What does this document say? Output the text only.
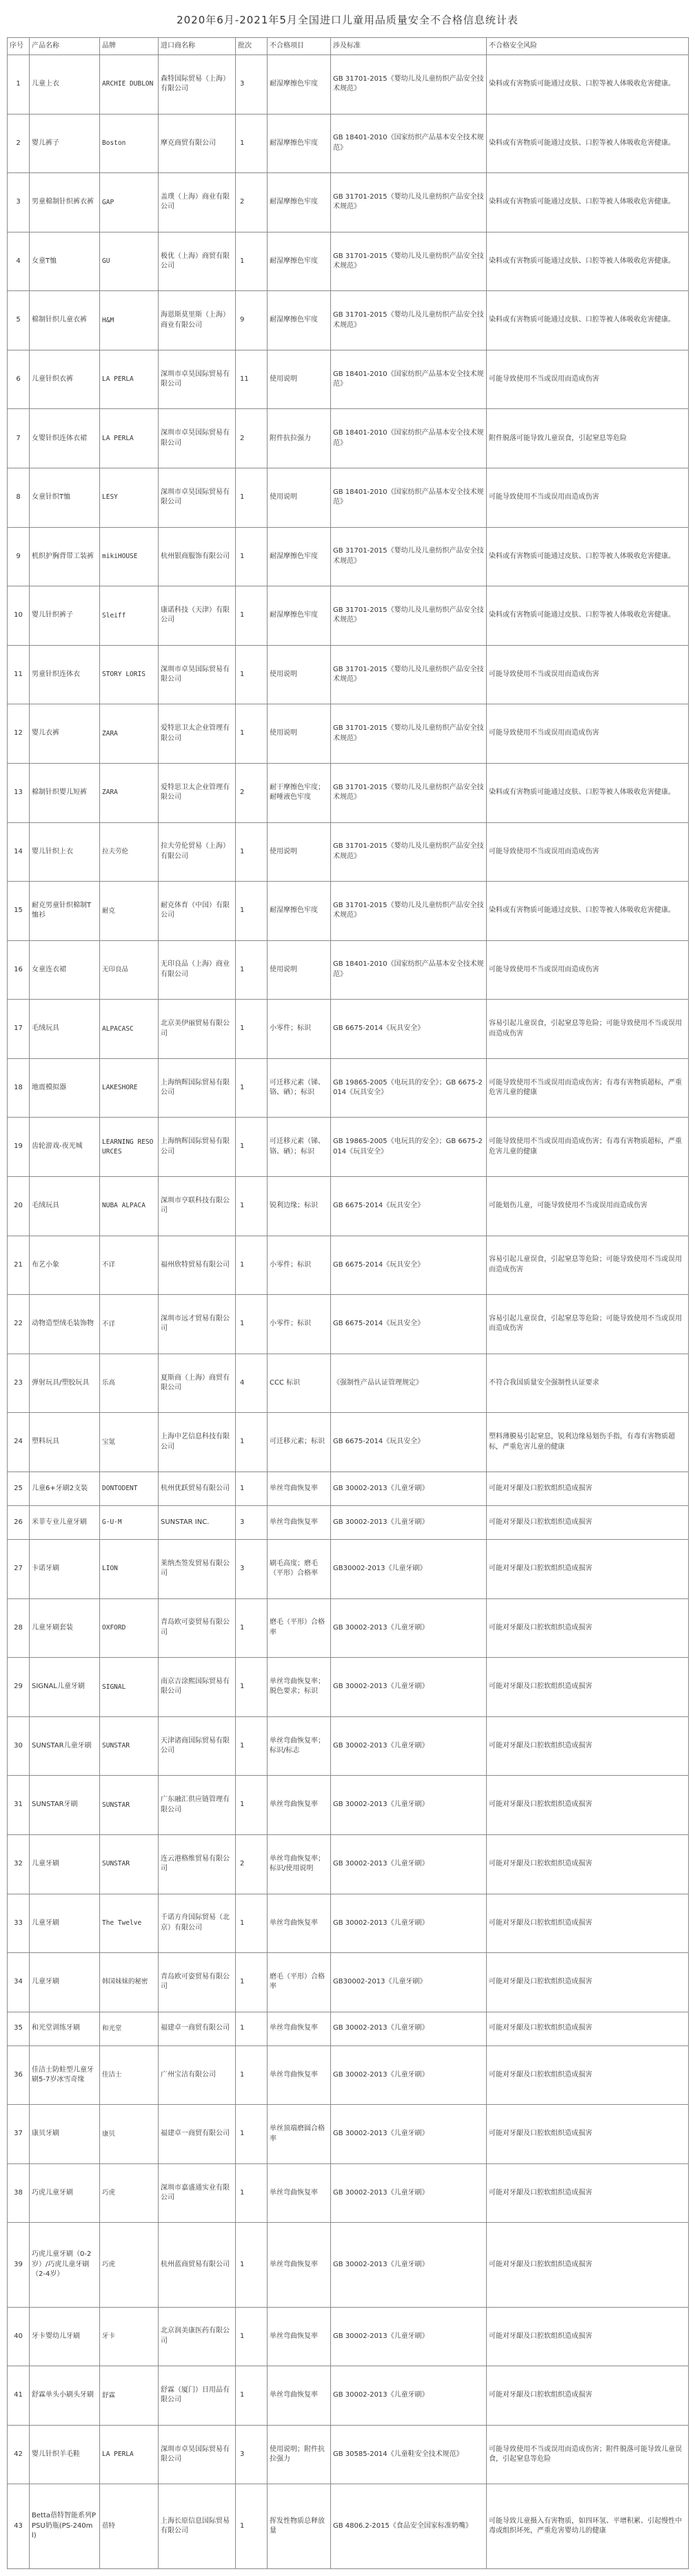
2020年6月-2021年5月全国进口儿童用品质量安全不合格信息统计表
序号	产品名称	品牌	进口商名称	批次	不合格项目	涉及标准	不合格安全风险
1	儿童上衣	ARCHIE DUBLON	森特国际贸易（上海）有限公司	3	耐湿摩擦色牢度	GB 31701-2015《婴幼儿及儿童纺织产品安全技术规范》	染料或有害物质可能通过皮肤、口腔等被人体吸收危害健康。
2	婴儿裤子	Boston	摩克商贸有限公司	1	耐湿摩擦色牢度	GB 18401-2010《国家纺织产品基本安全技术规范》	染料或有害物质可能通过皮肤、口腔等被人体吸收危害健康。
3	男童棉制针织裤衣裤	GAP	盖璞（上海）商业有限公司	2	耐湿摩擦色牢度	GB 31701-2015《婴幼儿及儿童纺织产品安全技术规范》	染料或有害物质可能通过皮肤、口腔等被人体吸收危害健康。
4	女童T恤	GU	极优（上海）商贸有限公司	1	耐湿摩擦色牢度	GB 31701-2015《婴幼儿及儿童纺织产品安全技术规范》	染料或有害物质可能通过皮肤、口腔等被人体吸收危害健康。
5	棉制针织儿童衣裤	H&M	海恩斯莫里斯（上海）商业有限公司	9	耐湿摩擦色牢度	GB 31701-2015《婴幼儿及儿童纺织产品安全技术规范》	染料或有害物质可能通过皮肤、口腔等被人体吸收危害健康。
6	儿童针织衣裤	LA PERLA	深圳市卓昊国际贸易有限公司	11	使用说明	GB 18401-2010《国家纺织产品基本安全技术规范》	可能导致使用不当或误用而造成伤害
7	女婴针织连体衣裙	LA PERLA	深圳市卓昊国际贸易有限公司	2	附件抗拉强力	GB 18401-2010《国家纺织产品基本安全技术规范》	附件脱落可能导致儿童误食，引起窒息等危险
8	女童针织T恤	LESY	深圳市卓昊国际贸易有限公司	1	使用说明	GB 18401-2010《国家纺织产品基本安全技术规范》	可能导致使用不当或误用而造成伤害
9	机织护胸背带工装裤	mikiHOUSE	杭州银商服饰有限公司	1	耐湿摩擦色牢度	GB 31701-2015《婴幼儿及儿童纺织产品安全技术规范》	染料或有害物质可能通过皮肤、口腔等被人体吸收危害健康。
10	婴儿针织裤子	Sleiff	康诺科技（天津）有限公司	1	耐湿摩擦色牢度	GB 31701-2015《婴幼儿及儿童纺织产品安全技术规范》	染料或有害物质可能通过皮肤、口腔等被人体吸收危害健康。
11	男童针织连体衣	STORY LORIS	深圳市卓昊国际贸易有限公司	1	使用说明	GB 31701-2015《婴幼儿及儿童纺织产品安全技术规范》	可能导致使用不当或误用而造成伤害
12	婴儿衣裤	ZARA	爱特思卫太企业管理有限公司	1	使用说明	GB 31701-2015《婴幼儿及儿童纺织产品安全技术规范》	可能导致使用不当或误用而造成伤害
13	棉制针织婴儿短裤	ZARA	爱特思卫太企业管理有限公司	2	耐干摩擦色牢度；耐唾液色牢度	GB 31701-2015《婴幼儿及儿童纺织产品安全技术规范》	染料或有害物质可能通过皮肤、口腔等被人体吸收危害健康。
14	婴儿针织上衣	拉夫劳伦	拉夫劳伦贸易（上海）有限公司	1	使用说明	GB 31701-2015《婴幼儿及儿童纺织产品安全技术规范》	可能导致使用不当或误用而造成伤害
15	耐克男童针织棉制T恤衫	耐克	耐克体育（中国）有限公司	1	耐湿摩擦色牢度	GB 31701-2015《婴幼儿及儿童纺织产品安全技术规范》	染料或有害物质可能通过皮肤、口腔等被人体吸收危害健康。
16	女童连衣裙	无印良品	无印良品（上海）商业有限公司	1	使用说明	GB 18401-2010《国家纺织产品基本安全技术规范》	可能导致使用不当或误用而造成伤害
17	毛绒玩具	ALPACASC	北京美伊丽贸易有限公司	1	小零件；标识	GB 6675-2014《玩具安全》	容易引起儿童误食，引起窒息等危险；可能导致使用不当或误用而造成伤害
18	地震模拟器	LAKESHORE	上海纳辉国际贸易有限公司	1	可迁移元素（锑、铬、硒）；标识	GB 19865-2005《电玩具的安全》；GB 6675-2014《玩具安全》	可能导致使用不当或误用而造成伤害；有毒有害物质超标，严重危害儿童的健康
19	齿轮游戏-夜光城	LEARNING RESOURCES	上海纳辉国际贸易有限公司	1	可迁移元素（锑、铬、硒）；标识	GB 19865-2005《电玩具的安全》；GB 6675-2014《玩具安全》	可能导致使用不当或误用而造成伤害；有毒有害物质超标，严重危害儿童的健康
20	毛绒玩具	NUBA ALPACA	深圳市亨联科技有限公司	1	锐利边缘；标识	GB 6675-2014《玩具安全》	可能划伤儿童，可能导致使用不当或误用而造成伤害
21	布艺小象	不详	福州欣特贸易有限公司	1	小零件；标识	GB 6675-2014《玩具安全》	容易引起儿童误食，引起窒息等危险；可能导致使用不当或误用而造成伤害
22	动物造型绒毛装饰物	不详	深圳市远才贸易有限公司	1	小零件；标识	GB 6675-2014《玩具安全》	容易引起儿童误食，引起窒息等危险；可能导致使用不当或误用而造成伤害
23	弹射玩具/塑胶玩具	乐高	夏斯商（上海）商贸有限公司	4	CCC 标识	《强制性产品认证管理规定》	不符合我国质量安全强制性认证要求
24	塑料玩具	宝氪	上海中艺信息科技有限公司	1	可迁移元素；标识	GB 6675-2014《玩具安全》	塑料薄膜易引起窒息，锐利边缘易划伤手指，有毒有害物质超标，严重危害儿童的健康
25	儿童6+牙刷2支装	DONTODENT	杭州优跃贸易有限公司	1	单丝弯曲恢复率	GB 30002-2013《儿童牙刷》	可能对牙龈及口腔软组织造成损害
26	米菲专业儿童牙刷	G·U·M	SUNSTAR INC.	3	单丝弯曲恢复率	GB 30002-2013《儿童牙刷》	可能对牙龈及口腔软组织造成损害
27	卡诺牙刷	LION	莱纳杰签发贸易有限公司	3	刷毛高度；磨毛（平形）合格率	GB30002-2013《儿童牙刷》	可能对牙龈及口腔软组织造成损害
28	儿童牙刷套装	OXFORD	青岛欧可姿贸易有限公司	1	磨毛（平形）合格率	GB 30002-2013《儿童牙刷》	可能对牙龈及口腔软组织造成损害
29	SIGNAL儿童牙刷	SIGNAL	南京吉涂熙国际贸易有限公司	1	单丝弯曲恢复率；脱色要求；标识	GB 30002-2013《儿童牙刷》	可能对牙龈及口腔软组织造成损害
30	SUNSTAR儿童牙刷	SUNSTAR	天津诸商国际贸易有限公司	1	单丝弯曲恢复率；标识/标志	GB 30002-2013《儿童牙刷》	可能对牙龈及口腔软组织造成损害
31	SUNSTAR牙刷	SUNSTAR	广东融汇供应链管理有限公司	1	单丝弯曲恢复率	GB 30002-2013《儿童牙刷》	可能对牙龈及口腔软组织造成损害
32	儿童牙刷	SUNSTAR	连云港格维贸易有限公司	2	单丝弯曲恢复率；标识/使用说明	GB 30002-2013《儿童牙刷》	可能对牙龈及口腔软组织造成损害
33	儿童牙刷	The Twelve	千诺方舟国际贸易（北京）有限公司	1	单丝弯曲恢复率	GB 30002-2013《儿童牙刷》	可能对牙龈及口腔软组织造成损害
34	儿童牙刷	韩国妹妹的秘密	青岛欧可姿贸易有限公司	1	磨毛（平形）合格率	GB30002-2013《儿童牙刷》	可能对牙龈及口腔软组织造成损害
35	和光堂训练牙刷	和光堂	福建卓一商贸有限公司	1	单丝弯曲恢复率	GB 30002-2013《儿童牙刷》	可能对牙龈及口腔软组织造成损害
36	佳洁士防蛀型儿童牙刷5-7岁冰雪奇缘	佳洁士	广州宝洁有限公司	1	单丝弯曲恢复率	GB 30002-2013《儿童牙刷》	可能对牙龈及口腔软组织造成损害
37	康贝牙刷	康贝	福建卓一商贸有限公司	1	单丝顶端磨圆合格率	GB 30002-2013《儿童牙刷》	可能对牙龈及口腔软组织造成损害
38	巧虎儿童牙刷	巧虎	深圳市嘉盛通实业有限公司	1	单丝弯曲恢复率	GB 30002-2013《儿童牙刷》	可能对牙龈及口腔软组织造成损害
39	巧虎儿童牙刷（0-2岁）/巧虎儿童牙刷（2-4岁）	巧虎	杭州蓝商贸易有限公司	1	单丝弯曲恢复率	GB 30002-2013《儿童牙刷》	可能对牙龈及口腔软组织造成损害
40	牙卡婴幼儿牙刷	牙卡	北京润美康医药有限公司	1	单丝弯曲恢复率	GB 30002-2013《儿童牙刷》	可能对牙龈及口腔软组织造成损害
41	舒霖单头小刷头牙刷	舒霖	舒霖（厦门）日用品有限公司	1	单丝弯曲恢复率	GB 30002-2013《儿童牙刷》	可能对牙龈及口腔软组织造成损害
42	婴儿针织羊毛鞋	LA PERLA	深圳市卓昊国际贸易有限公司	3	使用说明；附件抗拉强力	GB 30585-2014《儿童鞋安全技术规范》	可能导致使用不当或误用而造成伤害；附件脱落可能导致儿童误食，引起窒息等危险
43	Betta蓓特智能系列PPSU奶瓶(PS-240ml)	蓓特	上海长原信息国际贸易有限公司	1	挥发性物质总释放量	GB 4806.2-2015《食品安全国家标准奶嘴》	可能导致儿童摄入有害物质，如四环氢、平增积累、引起慢性中毒或组织坏死，严重危害婴幼儿的健康
